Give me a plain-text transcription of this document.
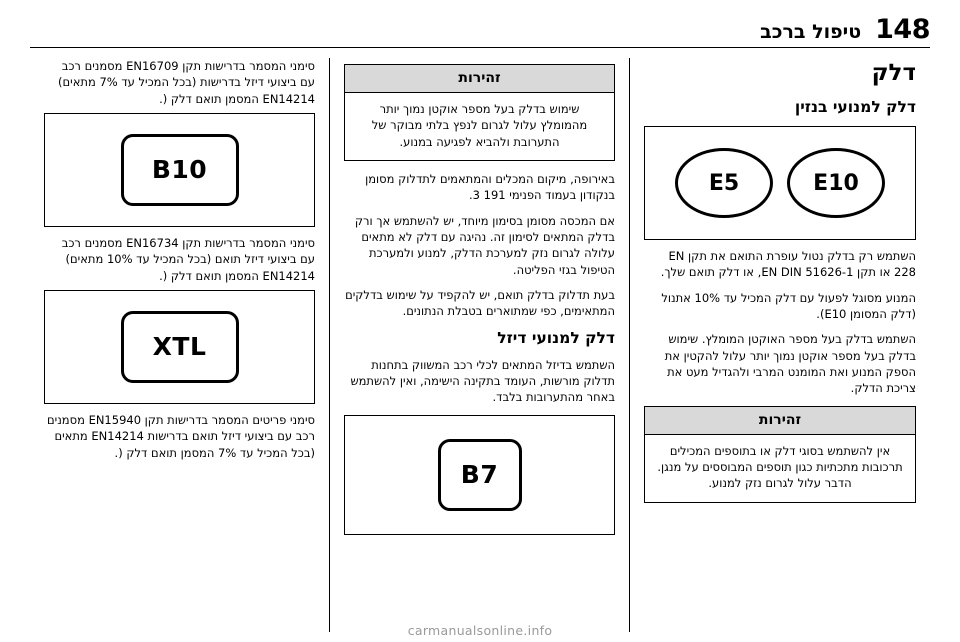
148
טיפול ברכב
דלק
דלק למנועי בנזין
E5	E10

השתמש רק בדלק נטול עופרת התואם את תקן EN 228 או תקן EN DIN 51626-1, או דלק תואם שלך.

המנוע מסוגל לפעול עם דלק המכיל עד 10% אתנול (דלק המסומן E10).

השתמש בדלק בעל מספר האוקטן המומלץ. שימוש בדלק בעל מספר אוקטן נמוך יותר עלול להקטין את הספק המנוע ואת המומנט המרבי ולהגדיל מעט את צריכת הדלק.

זהירות
אין להשתמש בסוגי דלק או בתוספים המכילים תרכובות מתכתיות כגון תוספים המבוססים על מנגן. הדבר עלול לגרום נזק למנוע.
זהירות
שימוש בדלק בעל מספר אוקטן נמוך יותר מהמומלץ עלול לגרום לנפץ בלתי מבוקר של התערובת ולהביא לפגיעה במנוע.

באירופה, מיקום המכלים והמתאמים לתדלוק מסומן בנקודון בעמוד הפנימי 191 3.

אם המכסה מסומן בסימון מיוחד, יש להשתמש אך ורק בדלק המתאים לסימון זה. נהיגה עם דלק לא מתאים עלולה לגרום נזק למערכת הדלק, למנוע ולמערכת הטיפול בגזי הפליטה.

בעת תדלוק בדלק תואם, יש להקפיד על שימוש בדלקים המתאימים, כפי שמתוארים בטבלת הנתונים.

דלק למנועי דיזל

השתמש בדיזל המתאים לכלי רכב המשווק בתחנות תדלוק מורשות, העומד בתקינה הישימה, ואין להשתמש באחר מהתערובות בלבד.

B7

סימני המסמר בדרישות תקן EN16709 מסמנים רכב עם ביצועי דיזל בדרישות (בכל המכיל עד 7% מתאים) EN14214 המסמן תואם דלק (.

B10

סימני המסמר בדרישות תקן EN16734 מסמנים רכב עם ביצועי דיזל תואם (בכל המכיל עד 10% מתאים) EN14214 המסמן תואם דלק (.

XTL

סימני פריטים המסמר בדרישות תקן EN15940 מסמנים רכב עם ביצועי דיזל תואם בדרישות EN14214 מתאים (בכל המכיל עד 7% המסמן תואם דלק (.

carmanualsonline.info
